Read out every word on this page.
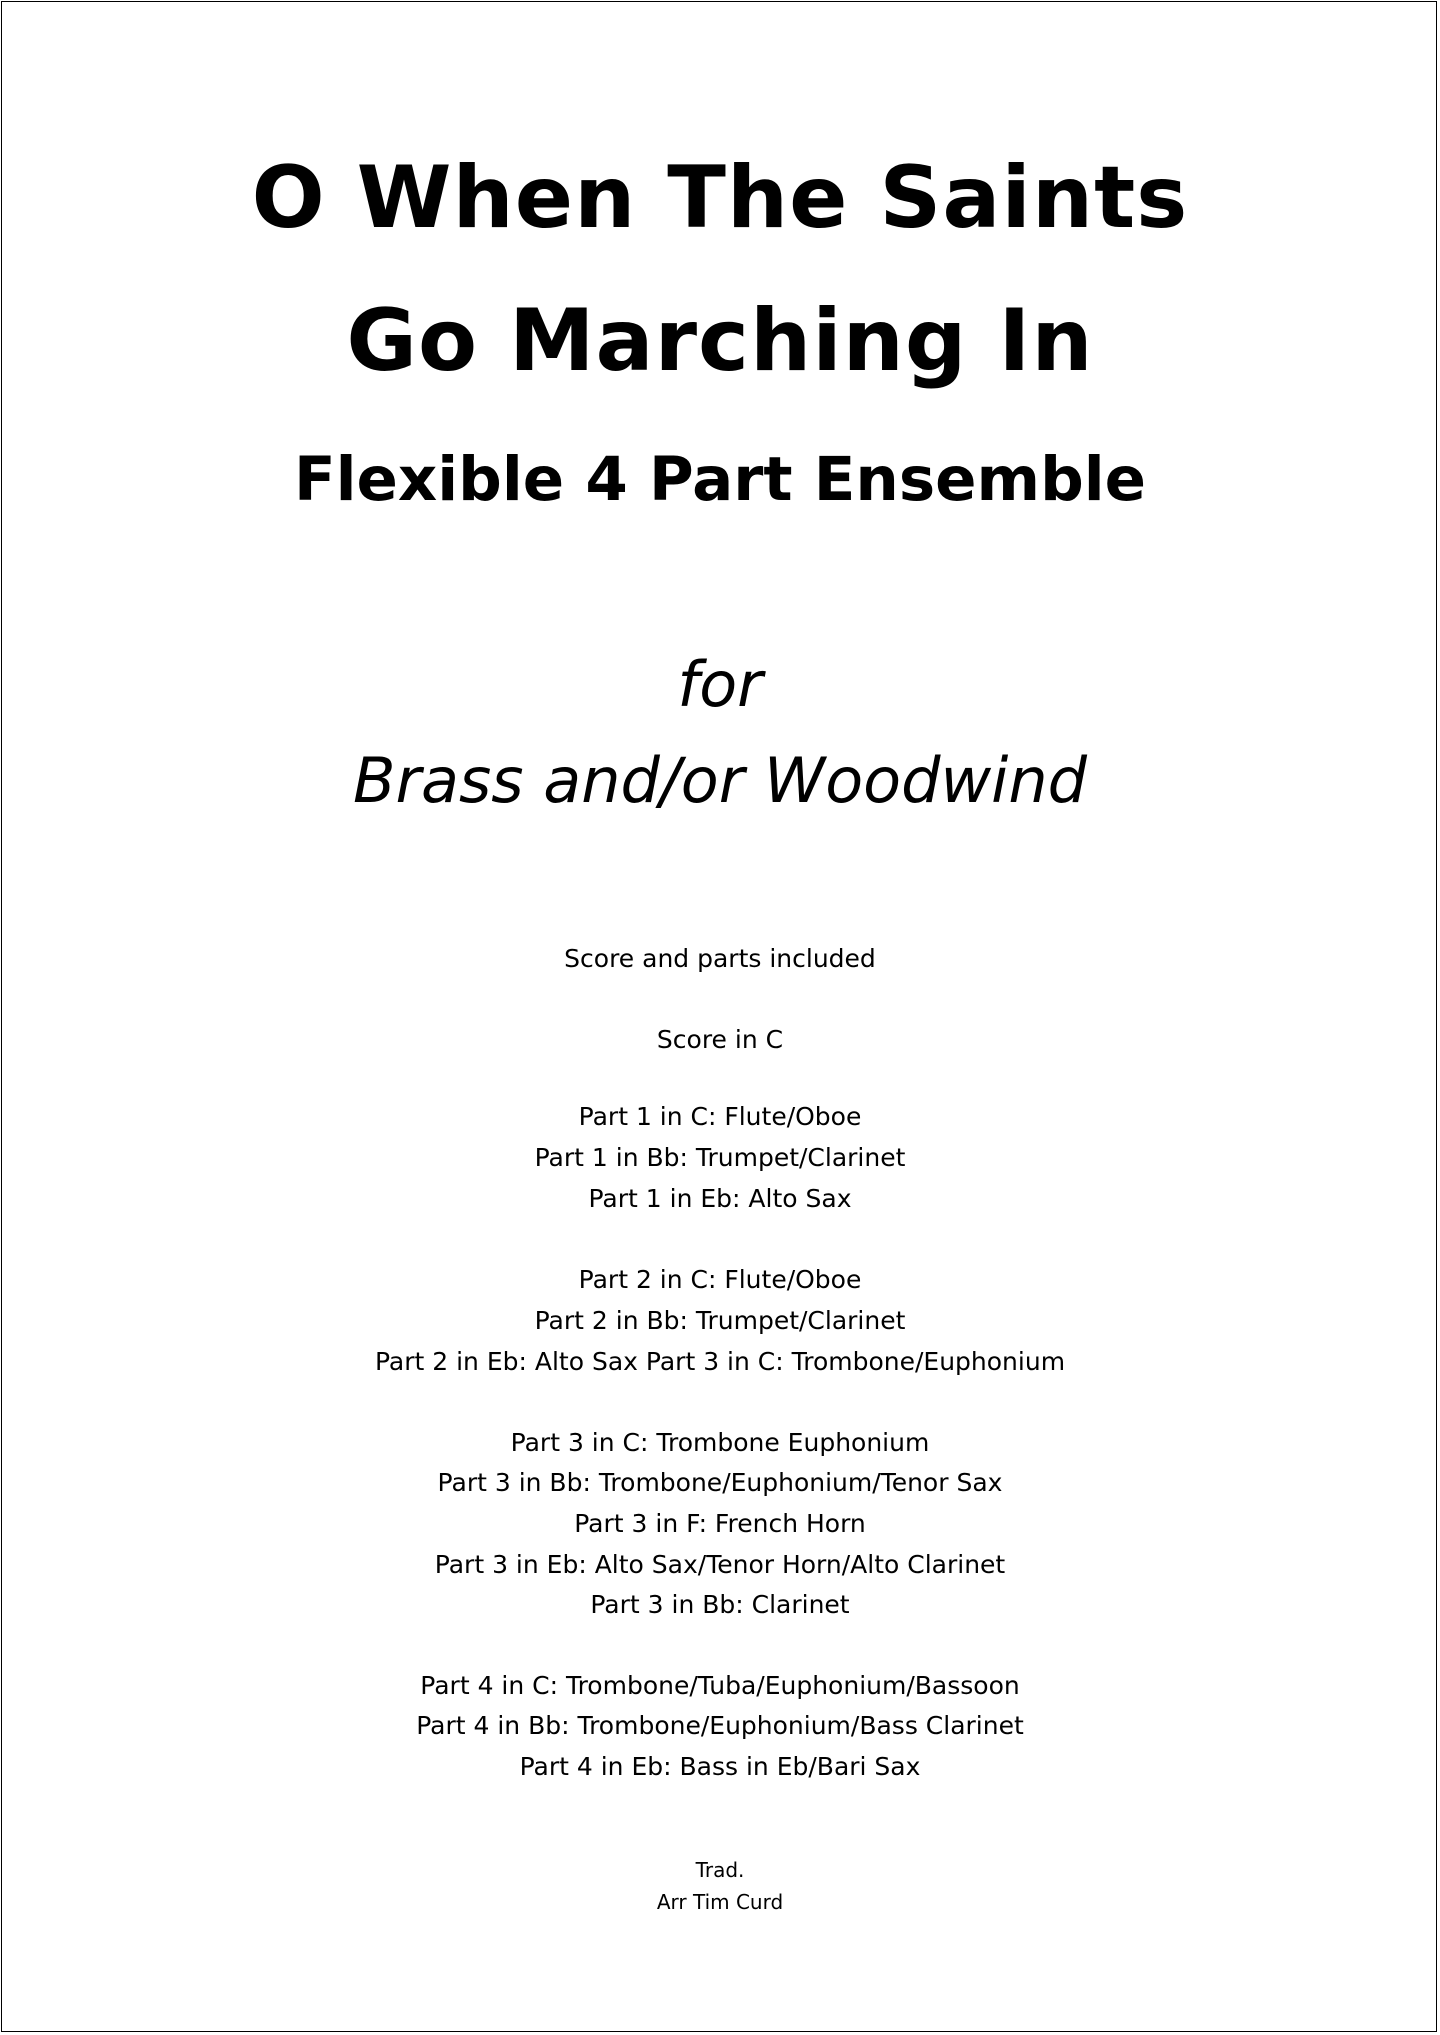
O When The Saints
Go Marching In
Flexible 4 Part Ensemble
for
Brass and/or Woodwind
Score and parts included
Score in C
Part 1 in C: Flute/Oboe
Part 1 in Bb: Trumpet/Clarinet
Part 1 in Eb: Alto Sax
Part 2 in C: Flute/Oboe
Part 2 in Bb: Trumpet/Clarinet
Part 2 in Eb: Alto Sax Part 3 in C: Trombone/Euphonium
Part 3 in C: Trombone Euphonium
Part 3 in Bb: Trombone/Euphonium/Tenor Sax
Part 3 in F: French Horn
Part 3 in Eb: Alto Sax/Tenor Horn/Alto Clarinet
Part 3 in Bb: Clarinet
Part 4 in C: Trombone/Tuba/Euphonium/Bassoon
Part 4 in Bb: Trombone/Euphonium/Bass Clarinet
Part 4 in Eb: Bass in Eb/Bari Sax
Trad.
Arr Tim Curd
